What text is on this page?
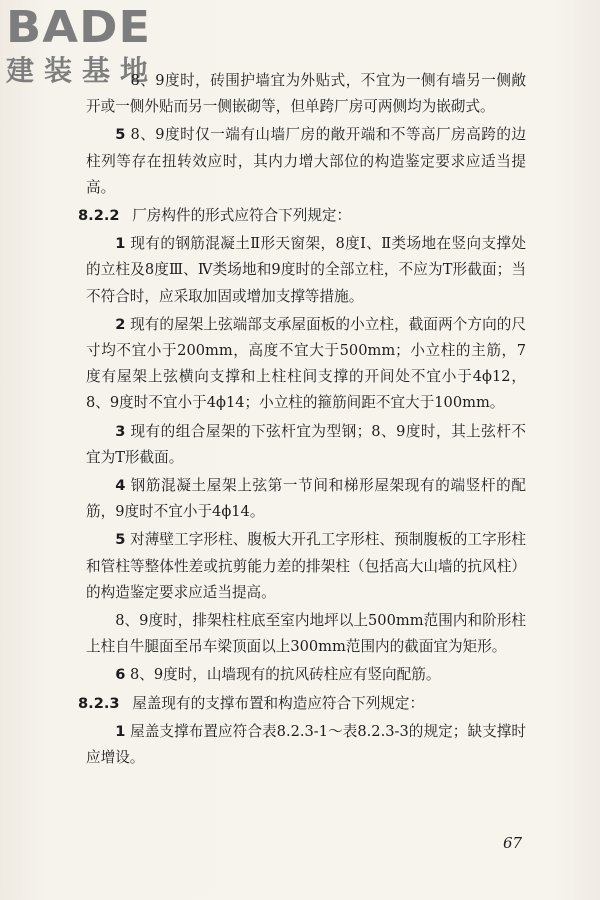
BADE
建装基地

8、9度时，砖围护墙宜为外贴式，不宜为一侧有墙另一侧敞开或一侧外贴而另一侧嵌砌等，但单跨厂房可两侧均为嵌砌式。

5 8、9度时仅一端有山墙厂房的敞开端和不等高厂房高跨的边柱列等存在扭转效应时，其内力增大部位的构造鉴定要求应适当提高。

8.2.2 厂房构件的形式应符合下列规定：

1 现有的钢筋混凝土Ⅱ形天窗架，8度Ⅰ、Ⅱ类场地在竖向支撑处的立柱及8度Ⅲ、Ⅳ类场地和9度时的全部立柱，不应为T形截面；当不符合时，应采取加固或增加支撑等措施。

2 现有的屋架上弦端部支承屋面板的小立柱，截面两个方向的尺寸均不宜小于200mm，高度不宜大于500mm；小立柱的主筋，7度有屋架上弦横向支撑和上柱柱间支撑的开间处不宜小于4ϕ12，8、9度时不宜小于4ϕ14；小立柱的箍筋间距不宜大于100mm。

3 现有的组合屋架的下弦杆宜为型钢；8、9度时，其上弦杆不宜为T形截面。

4 钢筋混凝土屋架上弦第一节间和梯形屋架现有的端竖杆的配筋，9度时不宜小于4ϕ14。

5 对薄壁工字形柱、腹板大开孔工字形柱、预制腹板的工字形柱和管柱等整体性差或抗剪能力差的排架柱（包括高大山墙的抗风柱）的构造鉴定要求应适当提高。

8、9度时，排架柱柱底至室内地坪以上500mm范围内和阶形柱上柱自牛腿面至吊车梁顶面以上300mm范围内的截面宜为矩形。

6 8、9度时，山墙现有的抗风砖柱应有竖向配筋。

8.2.3 屋盖现有的支撑布置和构造应符合下列规定：

1 屋盖支撑布置应符合表8.2.3-1～表8.2.3-3的规定；缺支撑时应增设。

67
